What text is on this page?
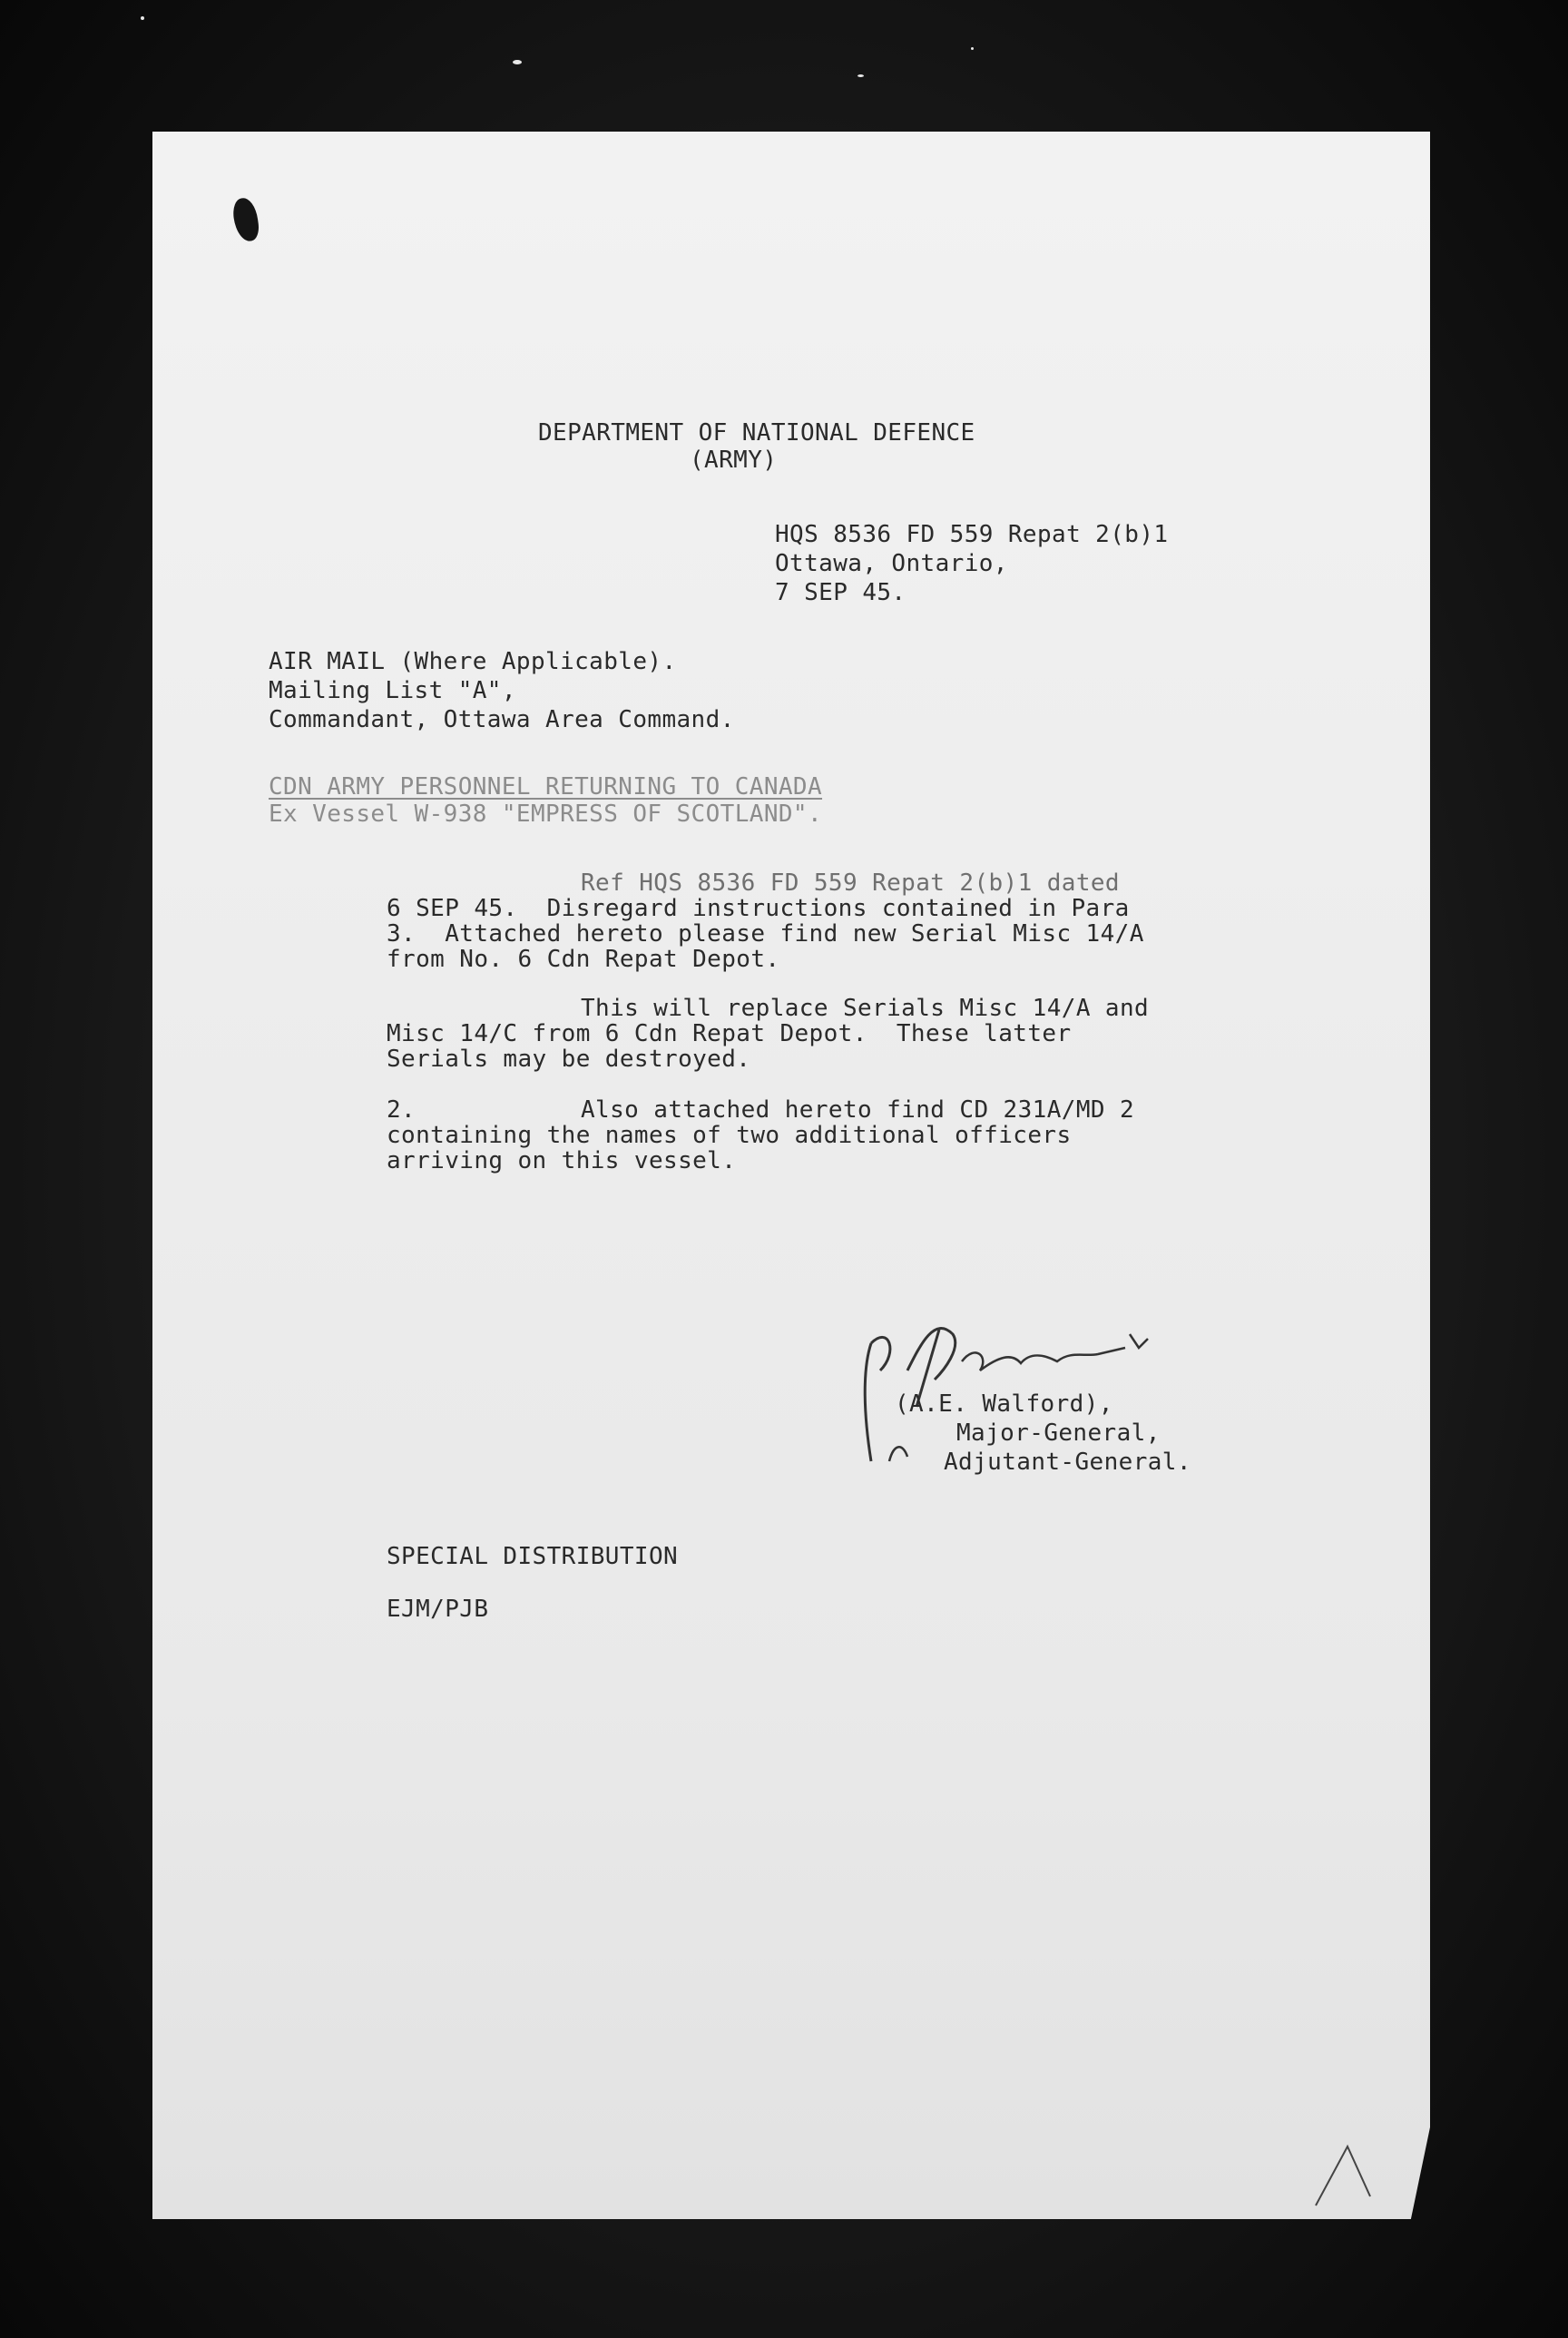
DEPARTMENT OF NATIONAL DEFENCE
(ARMY)
HQS 8536 FD 559 Repat 2(b)1
Ottawa, Ontario,
7 SEP 45.
AIR MAIL (Where Applicable).
Mailing List "A",
Commandant, Ottawa Area Command.
CDN ARMY PERSONNEL RETURNING TO CANADA
Ex Vessel W-938 "EMPRESS OF SCOTLAND".
Ref HQS 8536 FD 559 Repat 2(b)1 dated
6 SEP 45.  Disregard instructions contained in Para
3.  Attached hereto please find new Serial Misc 14/A
from No. 6 Cdn Repat Depot.
This will replace Serials Misc 14/A and
Misc 14/C from 6 Cdn Repat Depot.  These latter
Serials may be destroyed.
2.	Also attached hereto find CD 231A/MD 2
containing the names of two additional officers
arriving on this vessel.
(A.E. Walford),
Major-General,
Adjutant-General.
SPECIAL DISTRIBUTION
EJM/PJB
